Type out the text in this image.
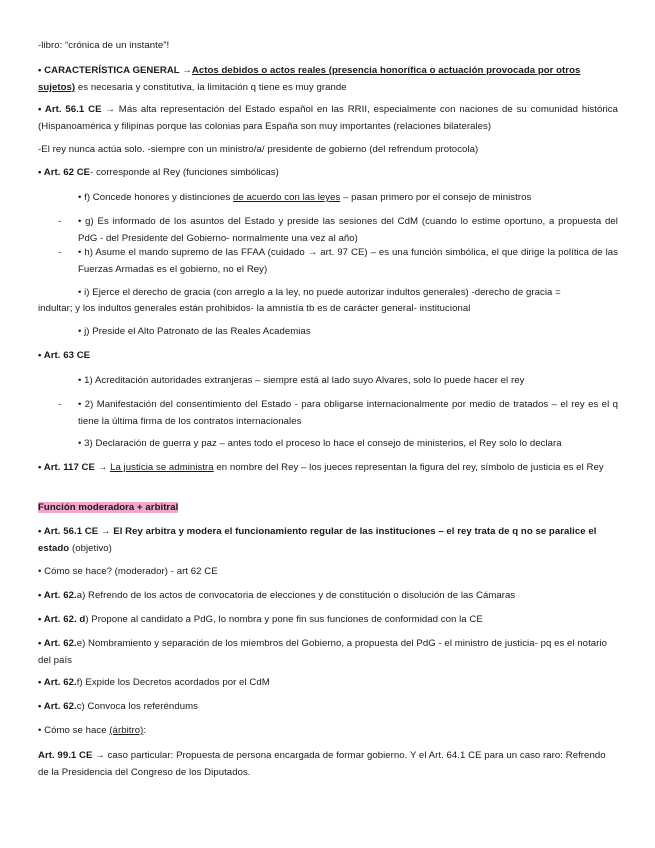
-libro: “crónica de un instante”!

• CARACTERÍSTICA GENERAL →Actos debidos o actos reales (presencia honorífica o actuación provocada por otros sujetos) es necesaria y constitutiva, la limitación q tiene es muy grande

• Art. 56.1 CE → Más alta representación del Estado español en las RRII, especialmente con naciones de su comunidad histórica (Hispanoamérica y filipinas porque las colonias para España son muy importantes (relaciones bilaterales)

-El rey nunca actúa solo. -siempre con un ministro/a/ presidente de gobierno (del refrendum protocola)

• Art. 62 CE- corresponde al Rey (funciones simbólicas)

• f) Concede honores y distinciones de acuerdo con las leyes – pasan primero por el consejo de ministros

- • g) Es informado de los asuntos del Estado y preside las sesiones del CdM (cuando lo estime oportuno, a propuesta del PdG - del Presidente del Gobierno- normalmente una vez al año)

- • h) Asume el mando supremo de las FFAA (cuidado → art. 97 CE) – es una función simbólica, el que dirige la política de las Fuerzas Armadas es el gobierno, no el Rey)

• i) Ejerce el derecho de gracia (con arreglo a la ley, no puede autorizar indultos generales) -derecho de gracia =

indultar; y los indultos generales están prohibidos- la amnistía tb es de carácter general- institucional

• j) Preside el Alto Patronato de las Reales Academias

• Art. 63 CE

• 1) Acreditación autoridades extranjeras – siempre está al lado suyo Alvares, solo lo puede hacer el rey

- • 2) Manifestación del consentimiento del Estado - para obligarse internacionalmente por medio de tratados – el rey es el q tiene la última firma de los contratos internacionales

• 3) Declaración de guerra y paz – antes todo el proceso lo hace el consejo de ministerios, el Rey solo lo declara

• Art. 117 CE → La justicia se administra en nombre del Rey – los jueces representan la figura del rey, símbolo de justicia es el Rey

Función moderadora + arbitral

• Art. 56.1 CE → El Rey arbitra y modera el funcionamiento regular de las instituciones – el rey trata de q no se paralice el estado (objetivo)

• Cómo se hace? (moderador) - art 62 CE

• Art. 62.a) Refrendo de los actos de convocatoria de elecciones y de constitución o disolución de las Cámaras

• Art. 62. d) Propone al candidato a PdG, lo nombra y pone fin sus funciones de conformidad con la CE

• Art. 62.e) Nombramiento y separación de los miembros del Gobierno, a propuesta del PdG - el ministro de justicia- pq es el notario del país

• Art. 62.f) Expide los Decretos acordados por el CdM

• Art. 62.c) Convoca los referéndums

• Cómo se hace (árbitro):

Art. 99.1 CE → caso particular: Propuesta de persona encargada de formar gobierno. Y el Art. 64.1 CE para un caso raro: Refrendo de la Presidencia del Congreso de los Diputados.
